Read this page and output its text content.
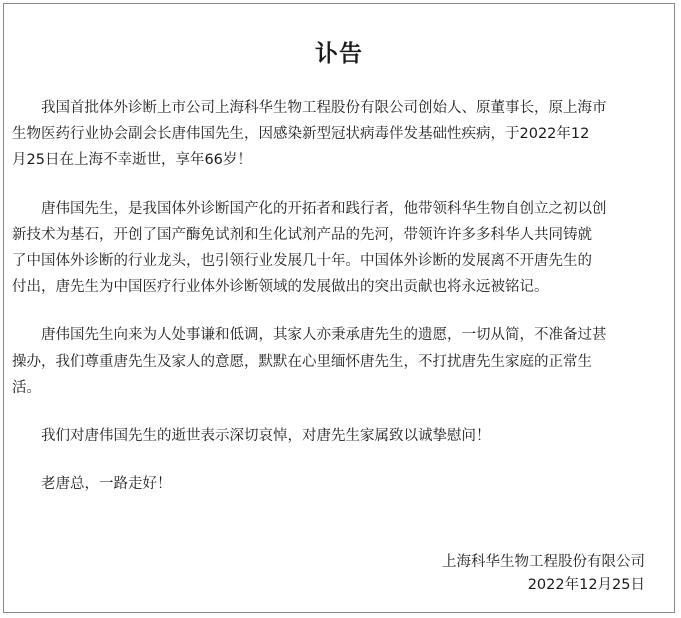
讣告

我国首批体外诊断上市公司上海科华生物工程股份有限公司创始人、原董事长，原上海市
生物医药行业协会副会长唐伟国先生，因感染新型冠状病毒伴发基础性疾病，于2022年12
月25日在上海不幸逝世，享年66岁！

唐伟国先生，是我国体外诊断国产化的开拓者和践行者，他带领科华生物自创立之初以创
新技术为基石，开创了国产酶免试剂和生化试剂产品的先河，带领许许多多科华人共同铸就
了中国体外诊断的行业龙头，也引领行业发展几十年。中国体外诊断的发展离不开唐先生的
付出，唐先生为中国医疗行业体外诊断领域的发展做出的突出贡献也将永远被铭记。

唐伟国先生向来为人处事谦和低调，其家人亦秉承唐先生的遗愿，一切从简，不准备过甚
操办，我们尊重唐先生及家人的意愿，默默在心里缅怀唐先生，不打扰唐先生家庭的正常生
活。

我们对唐伟国先生的逝世表示深切哀悼，对唐先生家属致以诚挚慰问！

老唐总，一路走好！

上海科华生物工程股份有限公司
2022年12月25日
